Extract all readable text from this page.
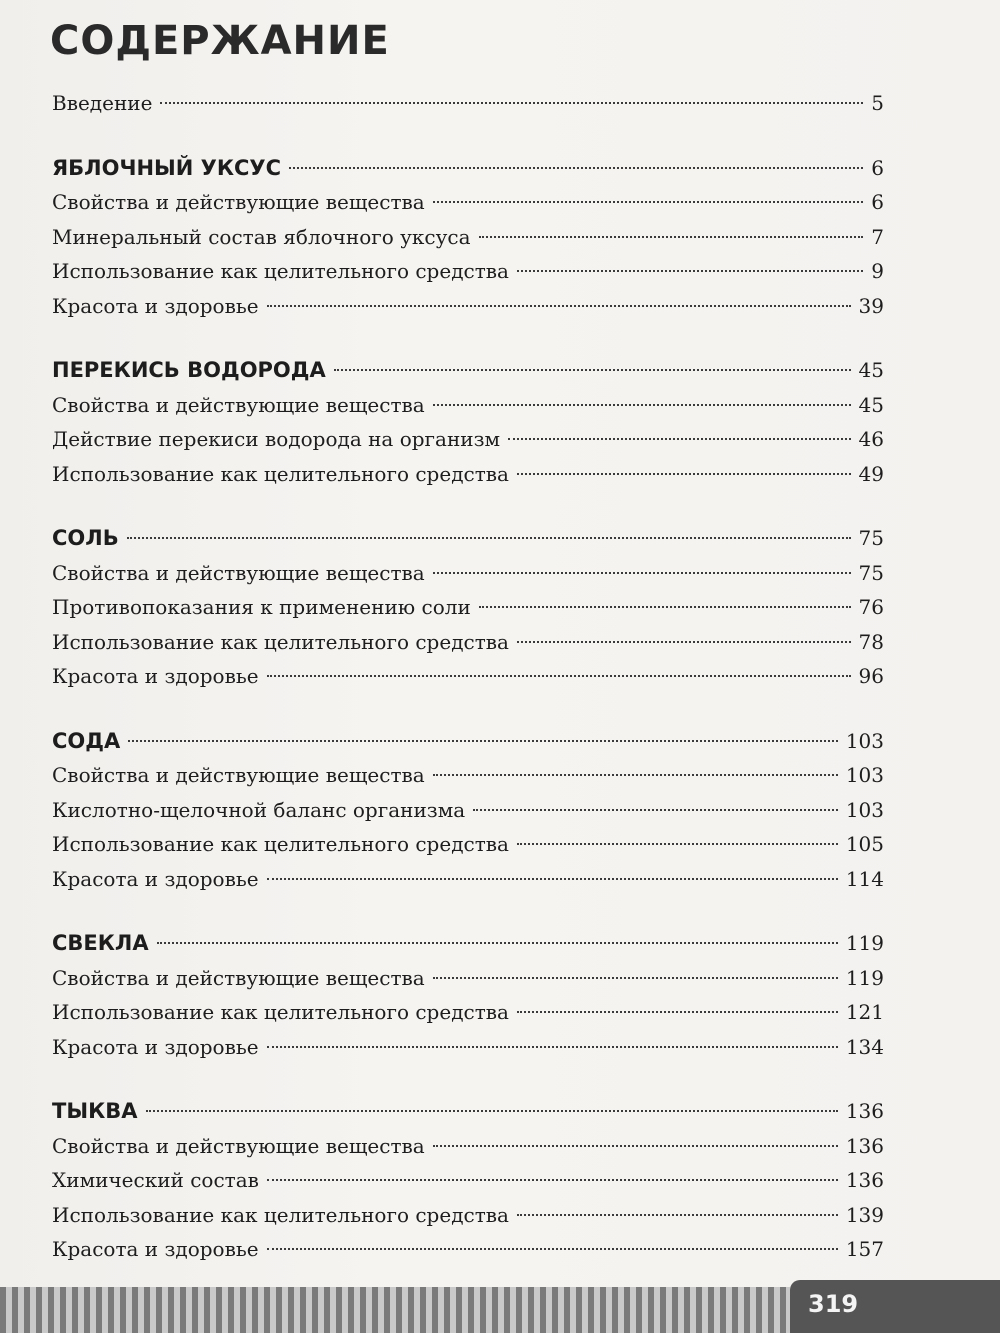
СОДЕРЖАНИЕ
Введение	5
ЯБЛОЧНЫЙ УКСУС	6
Свойства и действующие вещества	6
Минеральный состав яблочного уксуса	7
Использование как целительного средства	9
Красота и здоровье	39
ПЕРЕКИСЬ ВОДОРОДА	45
Свойства и действующие вещества	45
Действие перекиси водорода на организм	46
Использование как целительного средства	49
СОЛЬ	75
Свойства и действующие вещества	75
Противопоказания к применению соли	76
Использование как целительного средства	78
Красота и здоровье	96
СОДА	103
Свойства и действующие вещества	103
Кислотно-щелочной баланс организма	103
Использование как целительного средства	105
Красота и здоровье	114
СВЕКЛА	119
Свойства и действующие вещества	119
Использование как целительного средства	121
Красота и здоровье	134
ТЫКВА	136
Свойства и действующие вещества	136
Химический состав	136
Использование как целительного средства	139
Красота и здоровье	157
319
